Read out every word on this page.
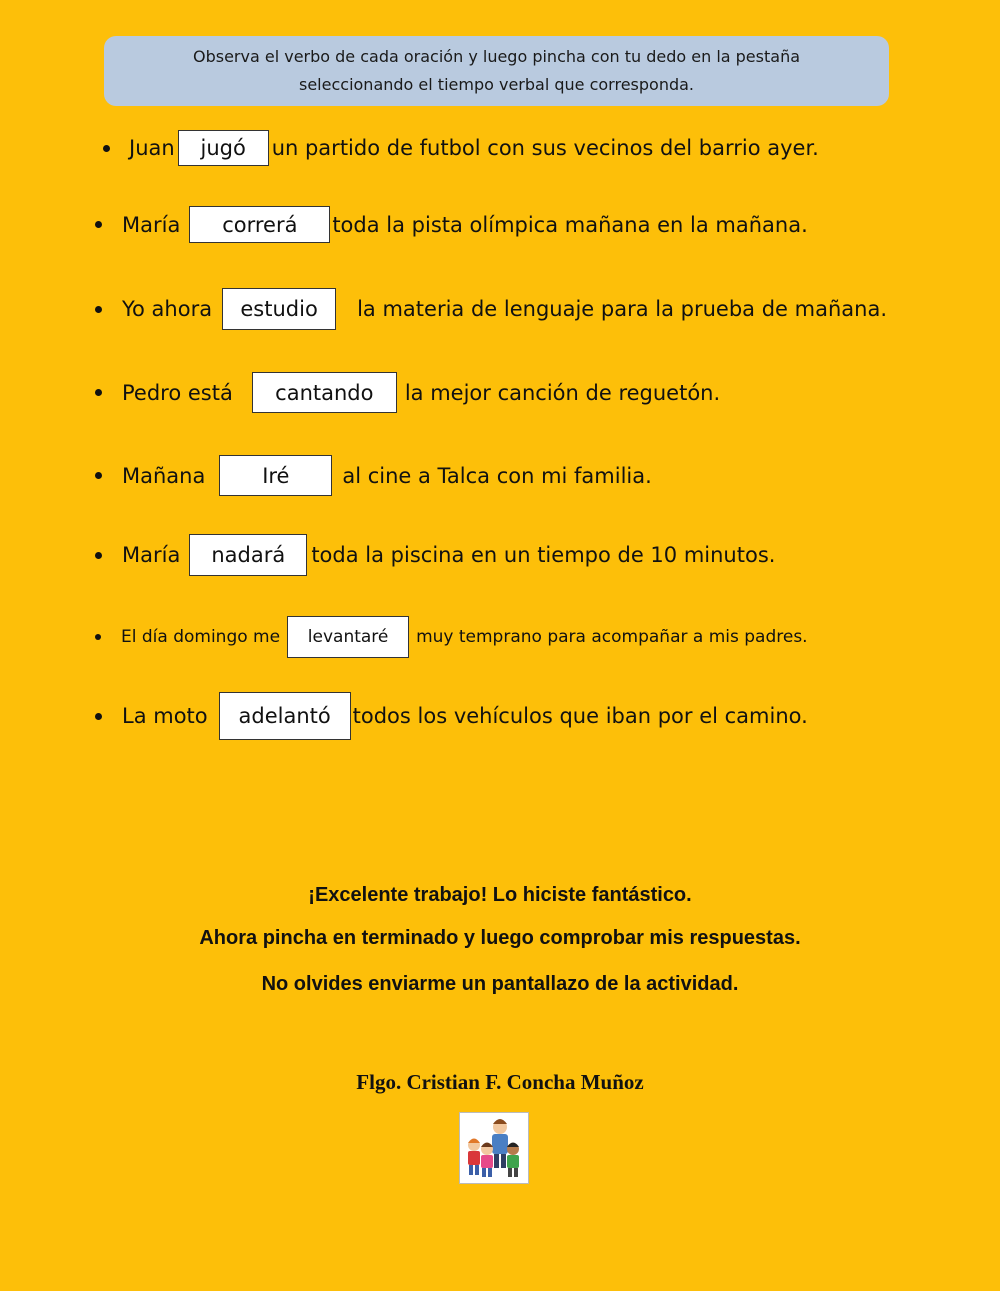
Observa el verbo de cada oración y luego pincha con tu dedo en la pestaña
seleccionando el tiempo verbal que corresponda.
Juan	jugó	un partido de futbol con sus vecinos del barrio ayer.
María	correrá	toda la pista olímpica mañana en la mañana.
Yo ahora	estudio	la materia de lenguaje para la prueba de mañana.
Pedro está	cantando	la mejor canción de reguetón.
Mañana	Iré	al cine a Talca con mi familia.
María	nadará	toda la piscina en un tiempo de 10 minutos.
El día domingo me	levantaré	muy temprano para acompañar a mis padres.
La moto	adelantó	todos los vehículos que iban por el camino.
¡Excelente trabajo! Lo hiciste fantástico.
Ahora pincha en terminado y luego comprobar mis respuestas.
No olvides enviarme un pantallazo de la actividad.
Flgo. Cristian F. Concha Muñoz
